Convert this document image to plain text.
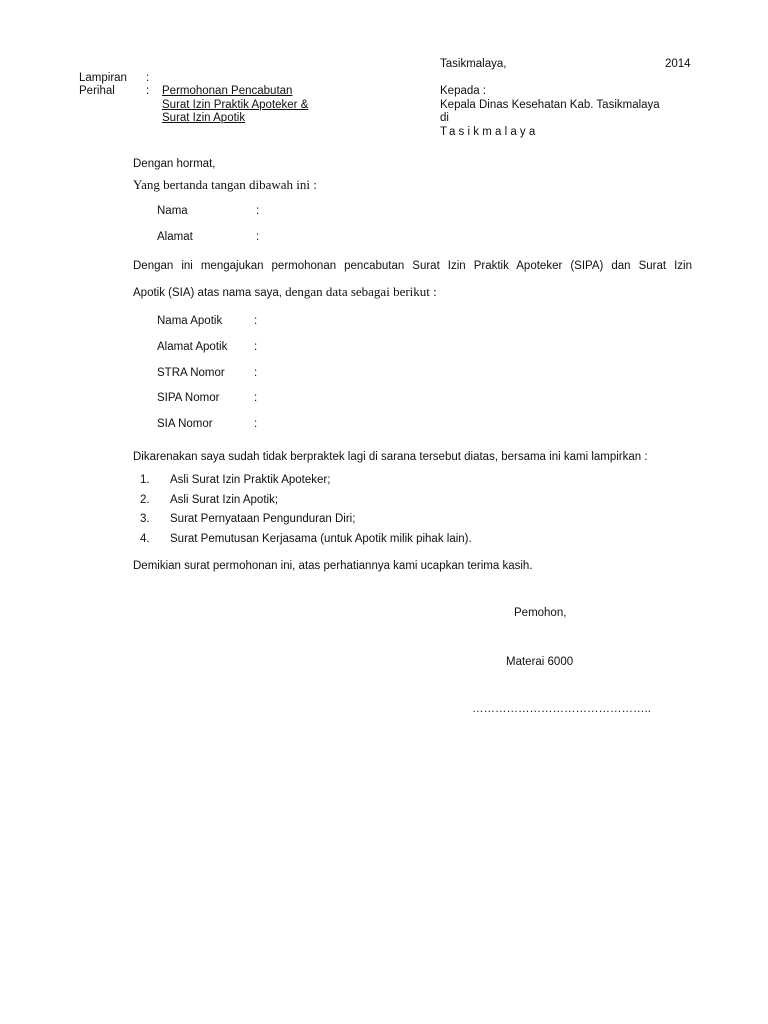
Tasikmalaya,	2014
Lampiran :
Perihal	: Permohonan Pencabutan
Surat Izin Praktik Apoteker &
Surat Izin Apotik
Kepada :
Kepala Dinas Kesehatan Kab. Tasikmalaya
di
Tasikmalaya
Dengan hormat,
Yang bertanda tangan dibawah ini :
Nama	:
Alamat	:
Dengan ini mengajukan permohonan pencabutan Surat Izin Praktik Apoteker (SIPA) dan Surat Izin
Apotik (SIA) atas nama saya, dengan data sebagai berikut :
Nama Apotik	:
Alamat Apotik :
STRA Nomor	:
SIPA Nomor	:
SIA Nomor	:
Dikarenakan saya sudah tidak berpraktek lagi di sarana tersebut diatas, bersama ini kami lampirkan :
1. Asli Surat Izin Praktik Apoteker;
2. Asli Surat Izin Apotik;
3. Surat Pernyataan Pengunduran Diri;
4. Surat Pemutusan Kerjasama (untuk Apotik milik pihak lain).
Demikian surat permohonan ini, atas perhatiannya kami ucapkan terima kasih.
Pemohon,
Materai 6000
………………………………………..
